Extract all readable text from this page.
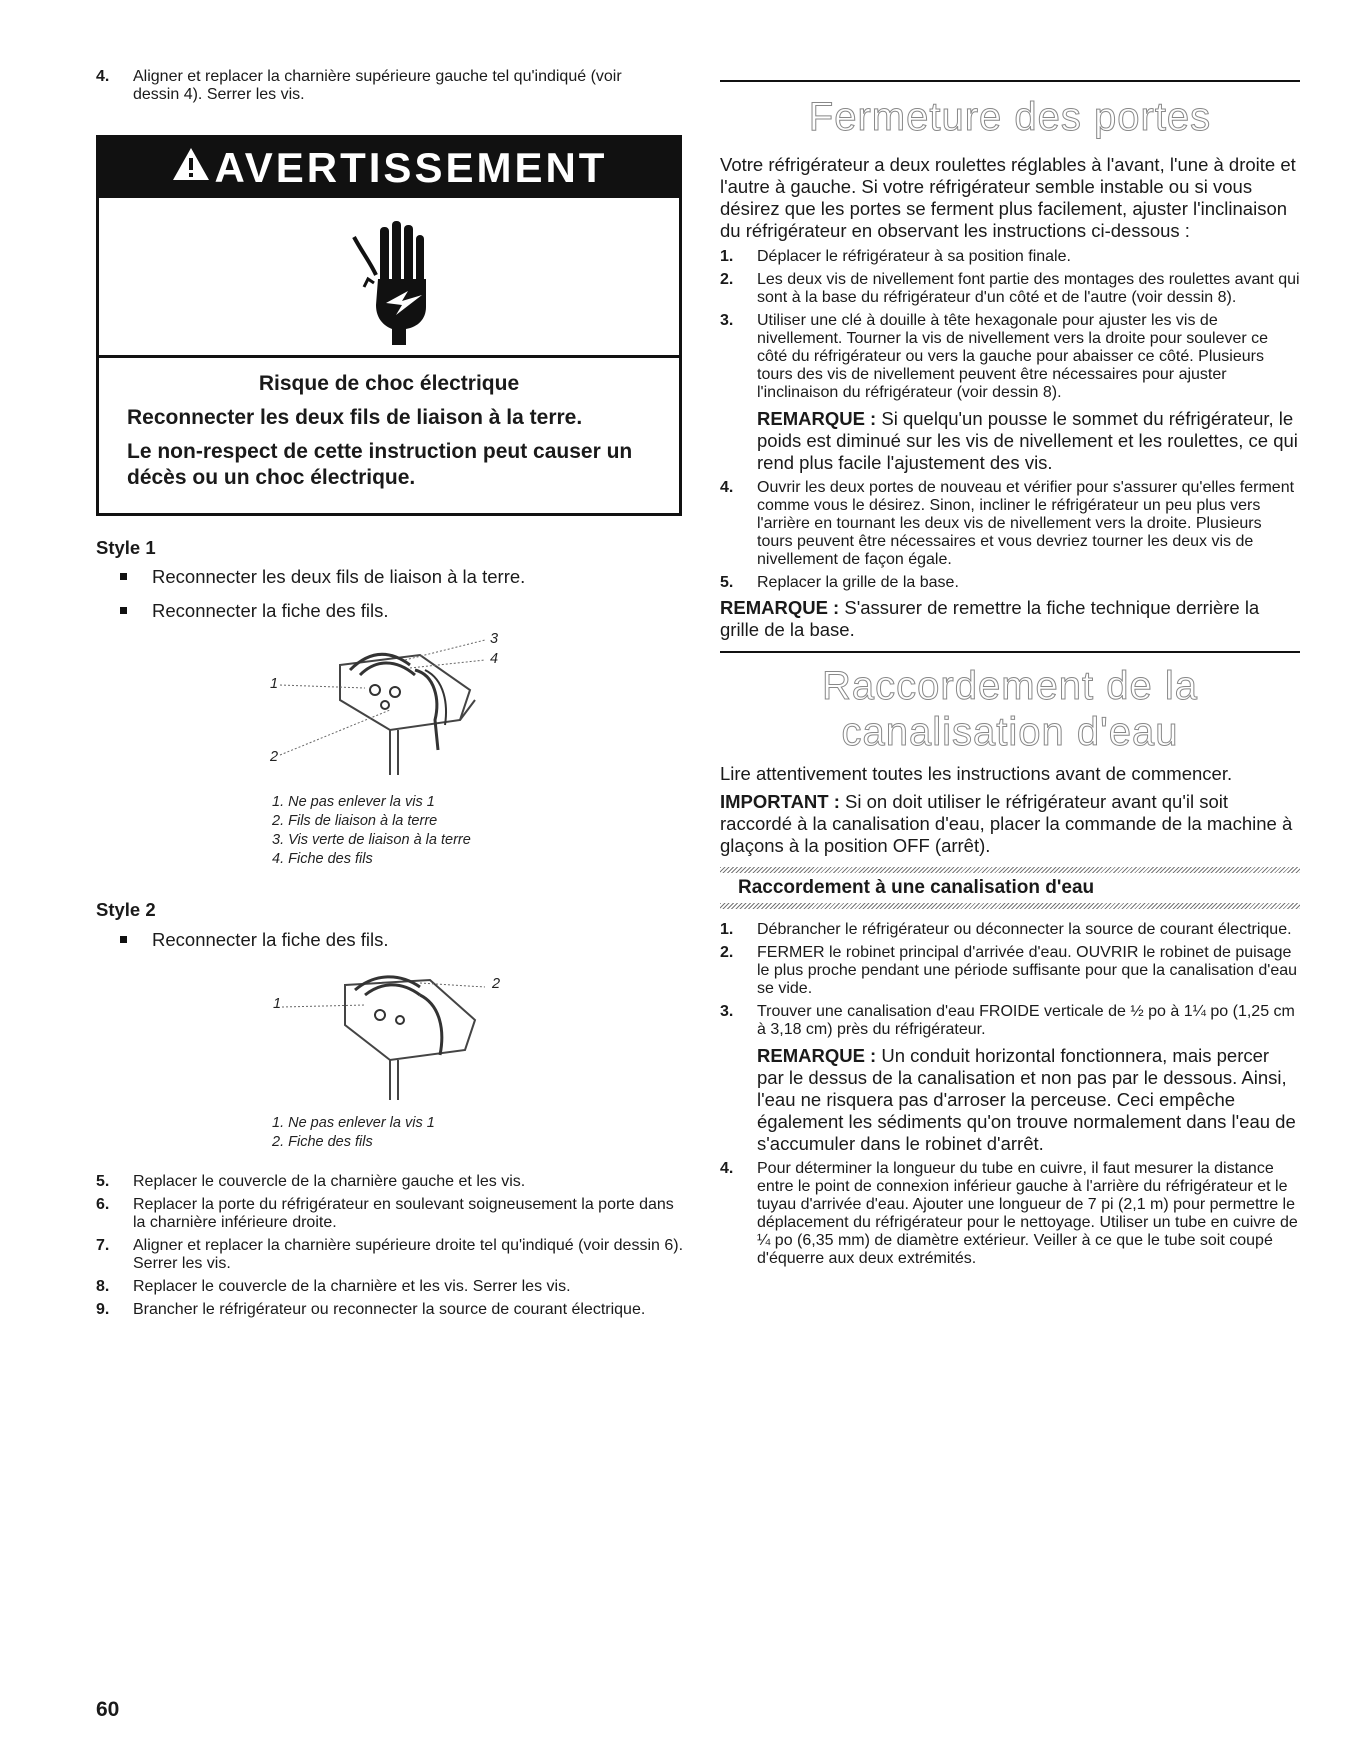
4. Aligner et replacer la charnière supérieure gauche tel qu'indiqué (voir dessin 4). Serrer les vis.
AVERTISSEMENT
Risque de choc électrique
Reconnecter les deux fils de liaison à la terre.
Le non-respect de cette instruction peut causer un décès ou un choc électrique.
Style 1
Reconnecter les deux fils de liaison à la terre.
Reconnecter la fiche des fils.
1
2
3
4
1. Ne pas enlever la vis 1
2. Fils de liaison à la terre
3. Vis verte de liaison à la terre
4. Fiche des fils
Style 2
Reconnecter la fiche des fils.
1
2
1. Ne pas enlever la vis 1
2. Fiche des fils
5. Replacer le couvercle de la charnière gauche et les vis.
6. Replacer la porte du réfrigérateur en soulevant soigneusement la porte dans la charnière inférieure droite.
7. Aligner et replacer la charnière supérieure droite tel qu'indiqué (voir dessin 6). Serrer les vis.
8. Replacer le couvercle de la charnière et les vis. Serrer les vis.
9. Brancher le réfrigérateur ou reconnecter la source de courant électrique.
Fermeture des portes

Votre réfrigérateur a deux roulettes réglables à l'avant, l'une à droite et l'autre à gauche. Si votre réfrigérateur semble instable ou si vous désirez que les portes se ferment plus facilement, ajuster l'inclinaison du réfrigérateur en observant les instructions ci-dessous :

1. Déplacer le réfrigérateur à sa position finale.
2. Les deux vis de nivellement font partie des montages des roulettes avant qui sont à la base du réfrigérateur d'un côté et de l'autre (voir dessin 8).
3. Utiliser une clé à douille à tête hexagonale pour ajuster les vis de nivellement. Tourner la vis de nivellement vers la droite pour soulever ce côté du réfrigérateur ou vers la gauche pour abaisser ce côté. Plusieurs tours des vis de nivellement peuvent être nécessaires pour ajuster l'inclinaison du réfrigérateur (voir dessin 8).

REMARQUE : Si quelqu'un pousse le sommet du réfrigérateur, le poids est diminué sur les vis de nivellement et les roulettes, ce qui rend plus facile l'ajustement des vis.

4. Ouvrir les deux portes de nouveau et vérifier pour s'assurer qu'elles ferment comme vous le désirez. Sinon, incliner le réfrigérateur un peu plus vers l'arrière en tournant les deux vis de nivellement vers la droite. Plusieurs tours peuvent être nécessaires et vous devriez tourner les deux vis de nivellement de façon égale.
5. Replacer la grille de la base.

REMARQUE : S'assurer de remettre la fiche technique derrière la grille de la base.

Raccordement de la
canalisation d'eau

Lire attentivement toutes les instructions avant de commencer.

IMPORTANT : Si on doit utiliser le réfrigérateur avant qu'il soit raccordé à la canalisation d'eau, placer la commande de la machine à glaçons à la position OFF (arrêt).

Raccordement à une canalisation d'eau
1. Débrancher le réfrigérateur ou déconnecter la source de courant électrique.
2. FERMER le robinet principal d'arrivée d'eau. OUVRIR le robinet de puisage le plus proche pendant une période suffisante pour que la canalisation d'eau se vide.
3. Trouver une canalisation d'eau FROIDE verticale de ½ po à 1¼ po (1,25 cm à 3,18 cm) près du réfrigérateur.

REMARQUE : Un conduit horizontal fonctionnera, mais percer par le dessus de la canalisation et non pas par le dessous. Ainsi, l'eau ne risquera pas d'arroser la perceuse. Ceci empêche également les sédiments qu'on trouve normalement dans l'eau de s'accumuler dans le robinet d'arrêt.

4. Pour déterminer la longueur du tube en cuivre, il faut mesurer la distance entre le point de connexion inférieur gauche à l'arrière du réfrigérateur et le tuyau d'arrivée d'eau. Ajouter une longueur de 7 pi (2,1 m) pour permettre le déplacement du réfrigérateur pour le nettoyage. Utiliser un tube en cuivre de ¼ po (6,35 mm) de diamètre extérieur. Veiller à ce que le tube soit coupé d'équerre aux deux extrémités.
60
